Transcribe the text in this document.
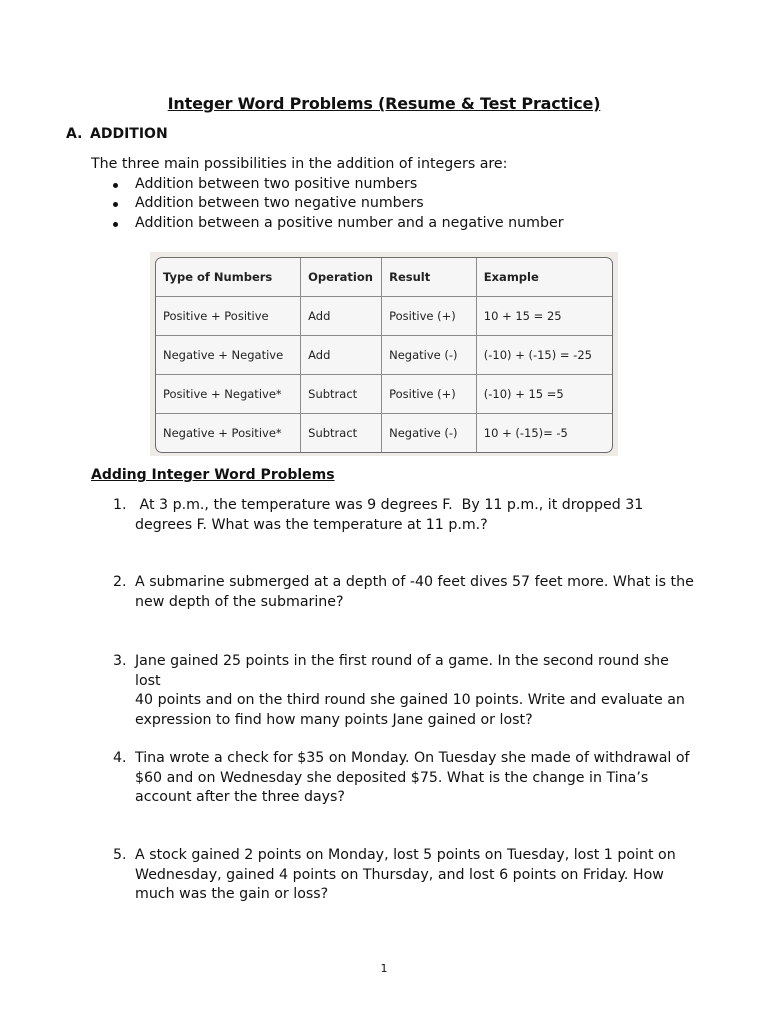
Integer Word Problems (Resume & Test Practice)
A. ADDITION
The three main possibilities in the addition of integers are:
Addition between two positive numbers
Addition between two negative numbers
Addition between a positive number and a negative number
Type of Numbers	Operation	Result	Example
Positive + Positive	Add	Positive (+)	10 + 15 = 25
Negative + Negative	Add	Negative (-)	(-10) + (-15) = -25
Positive + Negative*	Subtract	Positive (+)	(-10) + 15 =5
Negative + Positive*	Subtract	Negative (-)	10 + (-15)= -5
Adding Integer Word Problems
1. At 3 p.m., the temperature was 9 degrees F.  By 11 p.m., it dropped 31
degrees F. What was the temperature at 11 p.m.?
2. A submarine submerged at a depth of -40 feet dives 57 feet more. What is the
new depth of the submarine?
3. Jane gained 25 points in the first round of a game. In the second round she lost
40 points and on the third round she gained 10 points. Write and evaluate an
expression to find how many points Jane gained or lost?
4. Tina wrote a check for $35 on Monday. On Tuesday she made of withdrawal of
$60 and on Wednesday she deposited $75. What is the change in Tina’s
account after the three days?
5. A stock gained 2 points on Monday, lost 5 points on Tuesday, lost 1 point on
Wednesday, gained 4 points on Thursday, and lost 6 points on Friday. How
much was the gain or loss?
1
